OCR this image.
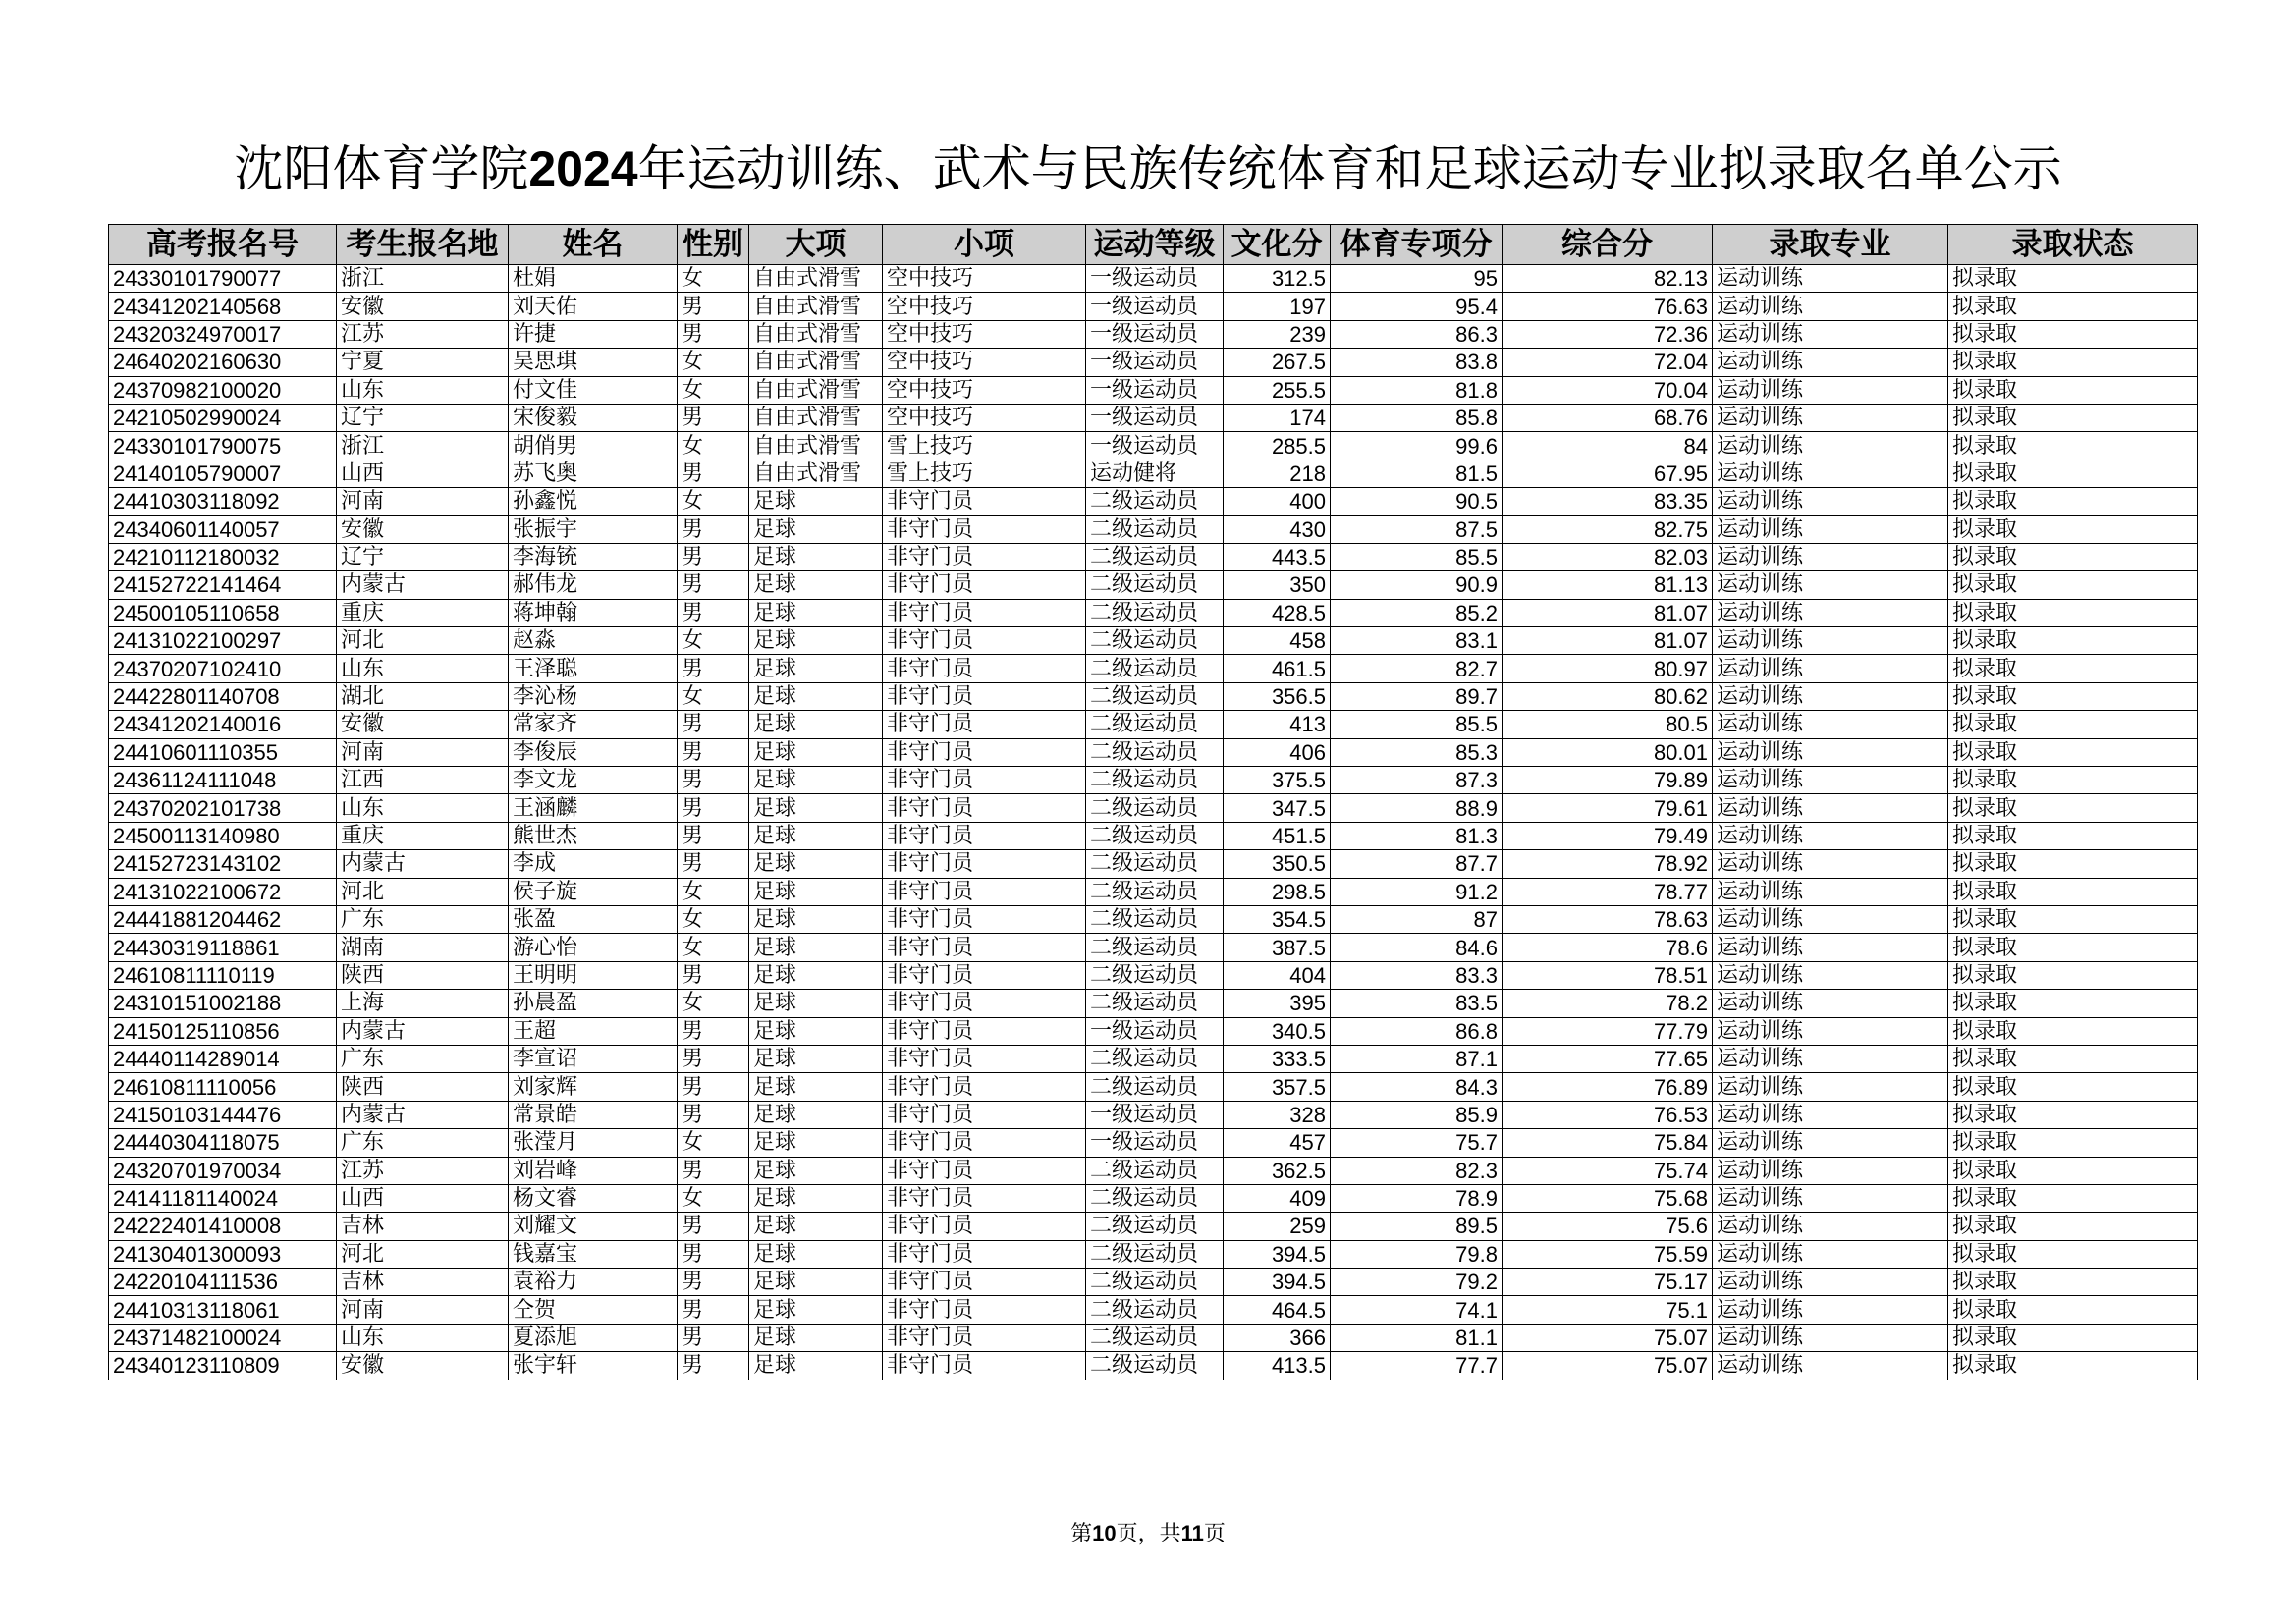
沈阳体育学院2024年运动训练、武术与民族传统体育和足球运动专业拟录取名单公示
高考报名号	考生报名地	姓名	性别	大项	小项	运动等级	文化分	体育专项分	综合分	录取专业	录取状态
24330101790077	浙江	杜娟	女	自由式滑雪	空中技巧	一级运动员	312.5	95	82.13	运动训练	拟录取
24341202140568	安徽	刘天佑	男	自由式滑雪	空中技巧	一级运动员	197	95.4	76.63	运动训练	拟录取
24320324970017	江苏	许捷	男	自由式滑雪	空中技巧	一级运动员	239	86.3	72.36	运动训练	拟录取
24640202160630	宁夏	吴思琪	女	自由式滑雪	空中技巧	一级运动员	267.5	83.8	72.04	运动训练	拟录取
24370982100020	山东	付文佳	女	自由式滑雪	空中技巧	一级运动员	255.5	81.8	70.04	运动训练	拟录取
24210502990024	辽宁	宋俊毅	男	自由式滑雪	空中技巧	一级运动员	174	85.8	68.76	运动训练	拟录取
24330101790075	浙江	胡俏男	女	自由式滑雪	雪上技巧	一级运动员	285.5	99.6	84	运动训练	拟录取
24140105790007	山西	苏飞奥	男	自由式滑雪	雪上技巧	运动健将	218	81.5	67.95	运动训练	拟录取
24410303118092	河南	孙鑫悦	女	足球	非守门员	二级运动员	400	90.5	83.35	运动训练	拟录取
24340601140057	安徽	张振宇	男	足球	非守门员	二级运动员	430	87.5	82.75	运动训练	拟录取
24210112180032	辽宁	李海铳	男	足球	非守门员	二级运动员	443.5	85.5	82.03	运动训练	拟录取
24152722141464	内蒙古	郝伟龙	男	足球	非守门员	二级运动员	350	90.9	81.13	运动训练	拟录取
24500105110658	重庆	蒋坤翰	男	足球	非守门员	二级运动员	428.5	85.2	81.07	运动训练	拟录取
24131022100297	河北	赵淼	女	足球	非守门员	二级运动员	458	83.1	81.07	运动训练	拟录取
24370207102410	山东	王泽聪	男	足球	非守门员	二级运动员	461.5	82.7	80.97	运动训练	拟录取
24422801140708	湖北	李沁杨	女	足球	非守门员	二级运动员	356.5	89.7	80.62	运动训练	拟录取
24341202140016	安徽	常家齐	男	足球	非守门员	二级运动员	413	85.5	80.5	运动训练	拟录取
24410601110355	河南	李俊辰	男	足球	非守门员	二级运动员	406	85.3	80.01	运动训练	拟录取
24361124111048	江西	李文龙	男	足球	非守门员	二级运动员	375.5	87.3	79.89	运动训练	拟录取
24370202101738	山东	王涵麟	男	足球	非守门员	二级运动员	347.5	88.9	79.61	运动训练	拟录取
24500113140980	重庆	熊世杰	男	足球	非守门员	二级运动员	451.5	81.3	79.49	运动训练	拟录取
24152723143102	内蒙古	李成	男	足球	非守门员	二级运动员	350.5	87.7	78.92	运动训练	拟录取
24131022100672	河北	侯子旋	女	足球	非守门员	二级运动员	298.5	91.2	78.77	运动训练	拟录取
24441881204462	广东	张盈	女	足球	非守门员	二级运动员	354.5	87	78.63	运动训练	拟录取
24430319118861	湖南	游心怡	女	足球	非守门员	二级运动员	387.5	84.6	78.6	运动训练	拟录取
24610811110119	陕西	王明明	男	足球	非守门员	二级运动员	404	83.3	78.51	运动训练	拟录取
24310151002188	上海	孙晨盈	女	足球	非守门员	二级运动员	395	83.5	78.2	运动训练	拟录取
24150125110856	内蒙古	王超	男	足球	非守门员	一级运动员	340.5	86.8	77.79	运动训练	拟录取
24440114289014	广东	李宣诏	男	足球	非守门员	二级运动员	333.5	87.1	77.65	运动训练	拟录取
24610811110056	陕西	刘家辉	男	足球	非守门员	二级运动员	357.5	84.3	76.89	运动训练	拟录取
24150103144476	内蒙古	常景皓	男	足球	非守门员	一级运动员	328	85.9	76.53	运动训练	拟录取
24440304118075	广东	张滢月	女	足球	非守门员	一级运动员	457	75.7	75.84	运动训练	拟录取
24320701970034	江苏	刘岩峰	男	足球	非守门员	二级运动员	362.5	82.3	75.74	运动训练	拟录取
24141181140024	山西	杨文睿	女	足球	非守门员	二级运动员	409	78.9	75.68	运动训练	拟录取
24222401410008	吉林	刘耀文	男	足球	非守门员	二级运动员	259	89.5	75.6	运动训练	拟录取
24130401300093	河北	钱嘉宝	男	足球	非守门员	二级运动员	394.5	79.8	75.59	运动训练	拟录取
24220104111536	吉林	袁裕力	男	足球	非守门员	二级运动员	394.5	79.2	75.17	运动训练	拟录取
24410313118061	河南	仝贺	男	足球	非守门员	二级运动员	464.5	74.1	75.1	运动训练	拟录取
24371482100024	山东	夏添旭	男	足球	非守门员	二级运动员	366	81.1	75.07	运动训练	拟录取
24340123110809	安徽	张宇轩	男	足球	非守门员	二级运动员	413.5	77.7	75.07	运动训练	拟录取
第10页，共11页
